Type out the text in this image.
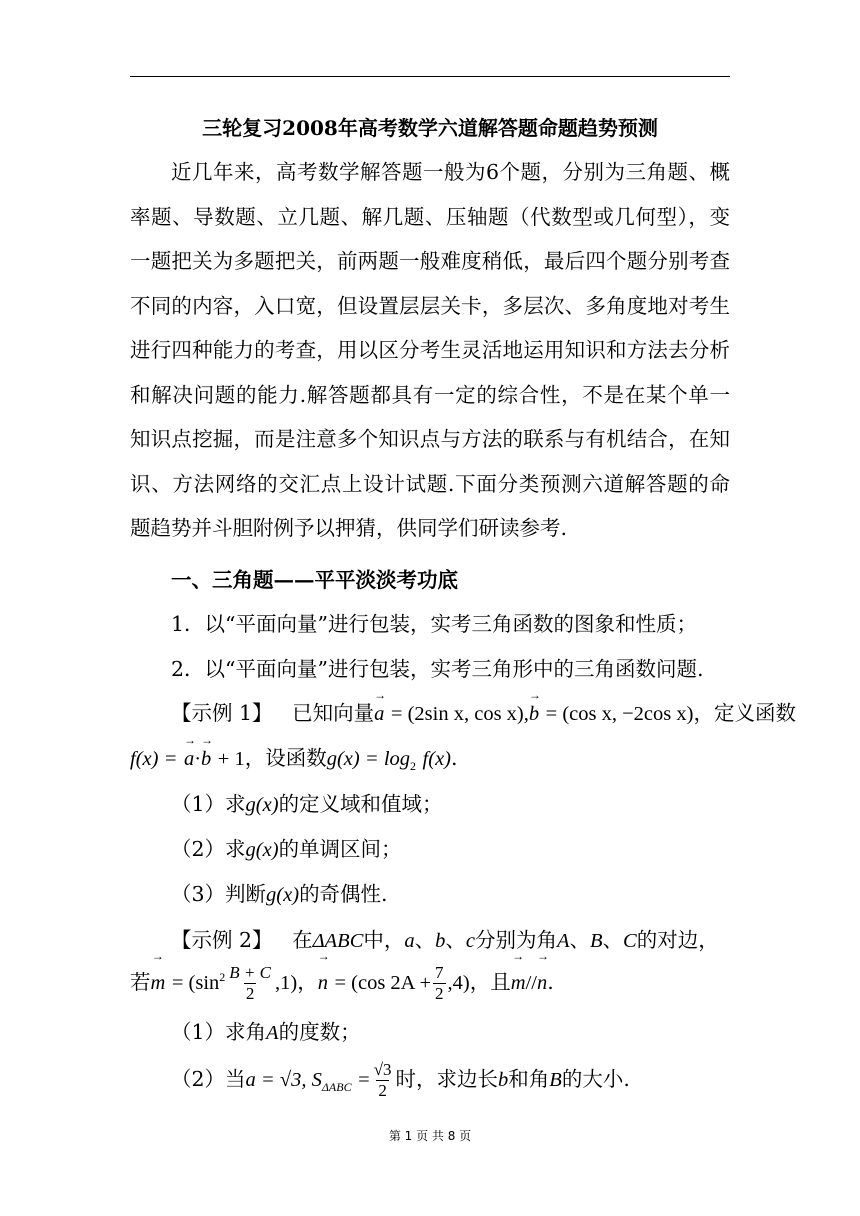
三轮复习2008年高考数学六道解答题命题趋势预测
近几年来，高考数学解答题一般为6个题，分别为三角题、概率题、导数题、立几题、解几题、压轴题（代数型或几何型），变一题把关为多题把关，前两题一般难度稍低，最后四个题分别考查不同的内容，入口宽，但设置层层关卡，多层次、多角度地对考生进行四种能力的考查，用以区分考生灵活地运用知识和方法去分析和解决问题的能力.解答题都具有一定的综合性，不是在某个单一知识点挖掘，而是注意多个知识点与方法的联系与有机结合，在知识、方法网络的交汇点上设计试题.下面分类预测六道解答题的命题趋势并斗胆附例予以押猜，供同学们研读参考.
一、三角题——平平淡淡考功底
1．以“平面向量”进行包装，实考三角函数的图象和性质；
2．以“平面向量”进行包装，实考三角形中的三角函数问题.
【示例 1】 已知向量→ a = (2sin x, cos x),→ b = (cos x, −2cos x)，定义函数
f(x) = → a·→ b + 1，设函数$g(x) = \log_2 f(x)$.
（1）求g(x)的定义域和值域；
（2）求g(x)的单调区间；
（3）判断g(x)的奇偶性.
【示例 2】 在ΔABC中，a、b、c分别为角A、B、C的对边，
若→ $m = (\sin^2 \frac{B + C}{2} ,1)$，→ n = (cos $2A + \frac{7}{2} ,4$)，且→ m//→ n.
（1）求角A的度数；
（2）当a = √3, $S_{\Delta ABC} = \frac{√3}{2}$ 时，求边长b和角B的大小.
第 1 页 共 8 页
